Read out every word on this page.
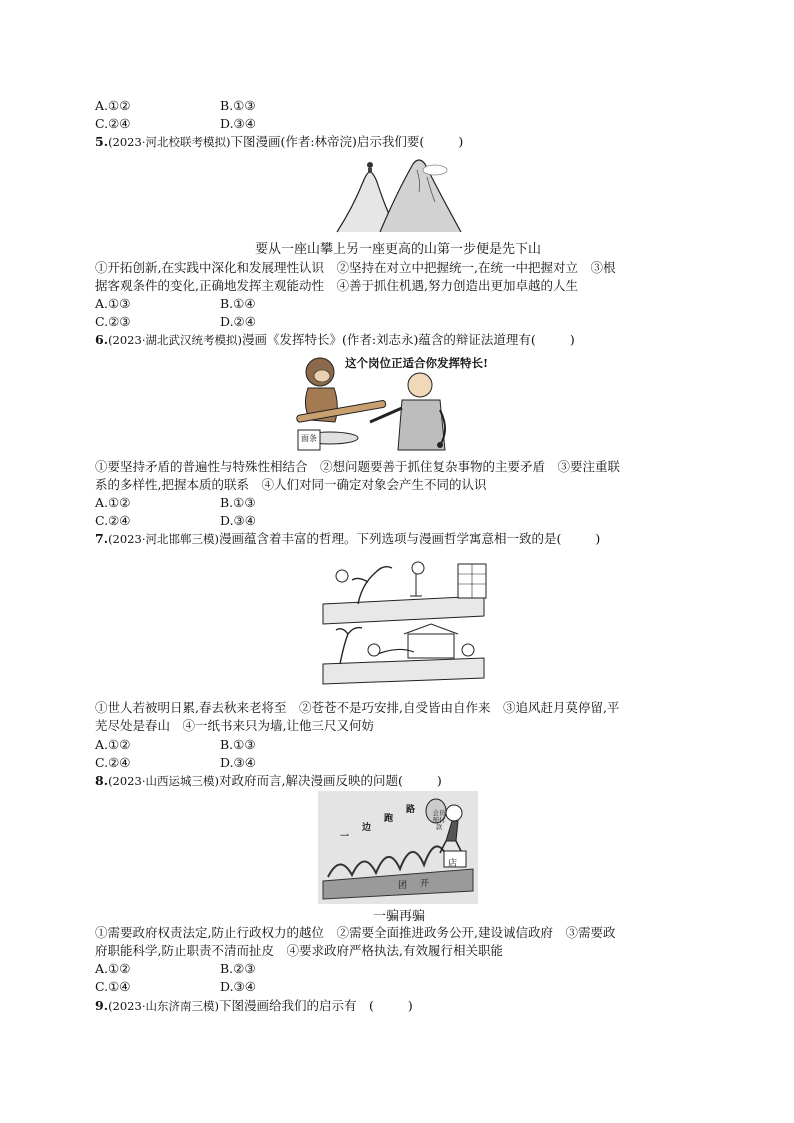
A.①②	B.①③
C.②④	D.③④
5.(2023·河北校联考模拟)下图漫画(作者:林帝浣)启示我们要(	)
要从一座山攀上另一座更高的山第一步便是先下山
①开拓创新,在实践中深化和发展理性认识　②坚持在对立中把握统一,在统一中把握对立　③根
据客观条件的变化,正确地发挥主观能动性　④善于抓住机遇,努力创造出更加卓越的人生
A.①③	B.①④
C.②③	D.②④
6.(2023·湖北武汉统考模拟)漫画《发挥特长》(作者:刘志永)蕴含的辩证法道理有(	)
这个岗位正适合你发挥特长!
面条
①要坚持矛盾的普遍性与特殊性相结合　②想问题要善于抓住复杂事物的主要矛盾　③要注重联
系的多样性,把握本质的联系　④人们对同一确定对象会产生不同的认识
A.①②	B.①③
C.②④	D.③④
7.(2023·河北邯郸三模)漫画蕴含着丰富的哲理。下列选项与漫画哲学寓意相一致的是(	)
①世人若被明日累,春去秋来老将至　②苍苍不是巧安排,自受皆由自作来　③追风赶月莫停留,平
芜尽处是春山　④一纸书来只为墙,让他三尺又何妨
A.①②	B.①③
C.②④	D.③④
8.(2023·山西运城三模)对政府而言,解决漫画反映的问题(	)
一
边
跑
路	会员预付款
团 开
店
一骗再骗
①需要政府权责法定,防止行政权力的越位　②需要全面推进政务公开,建设诚信政府　③需要政
府职能科学,防止职责不清而扯皮　④要求政府严格执法,有效履行相关职能
A.①②	B.②③
C.①④	D.③④
9.(2023·山东济南三模)下图漫画给我们的启示有　(	)
